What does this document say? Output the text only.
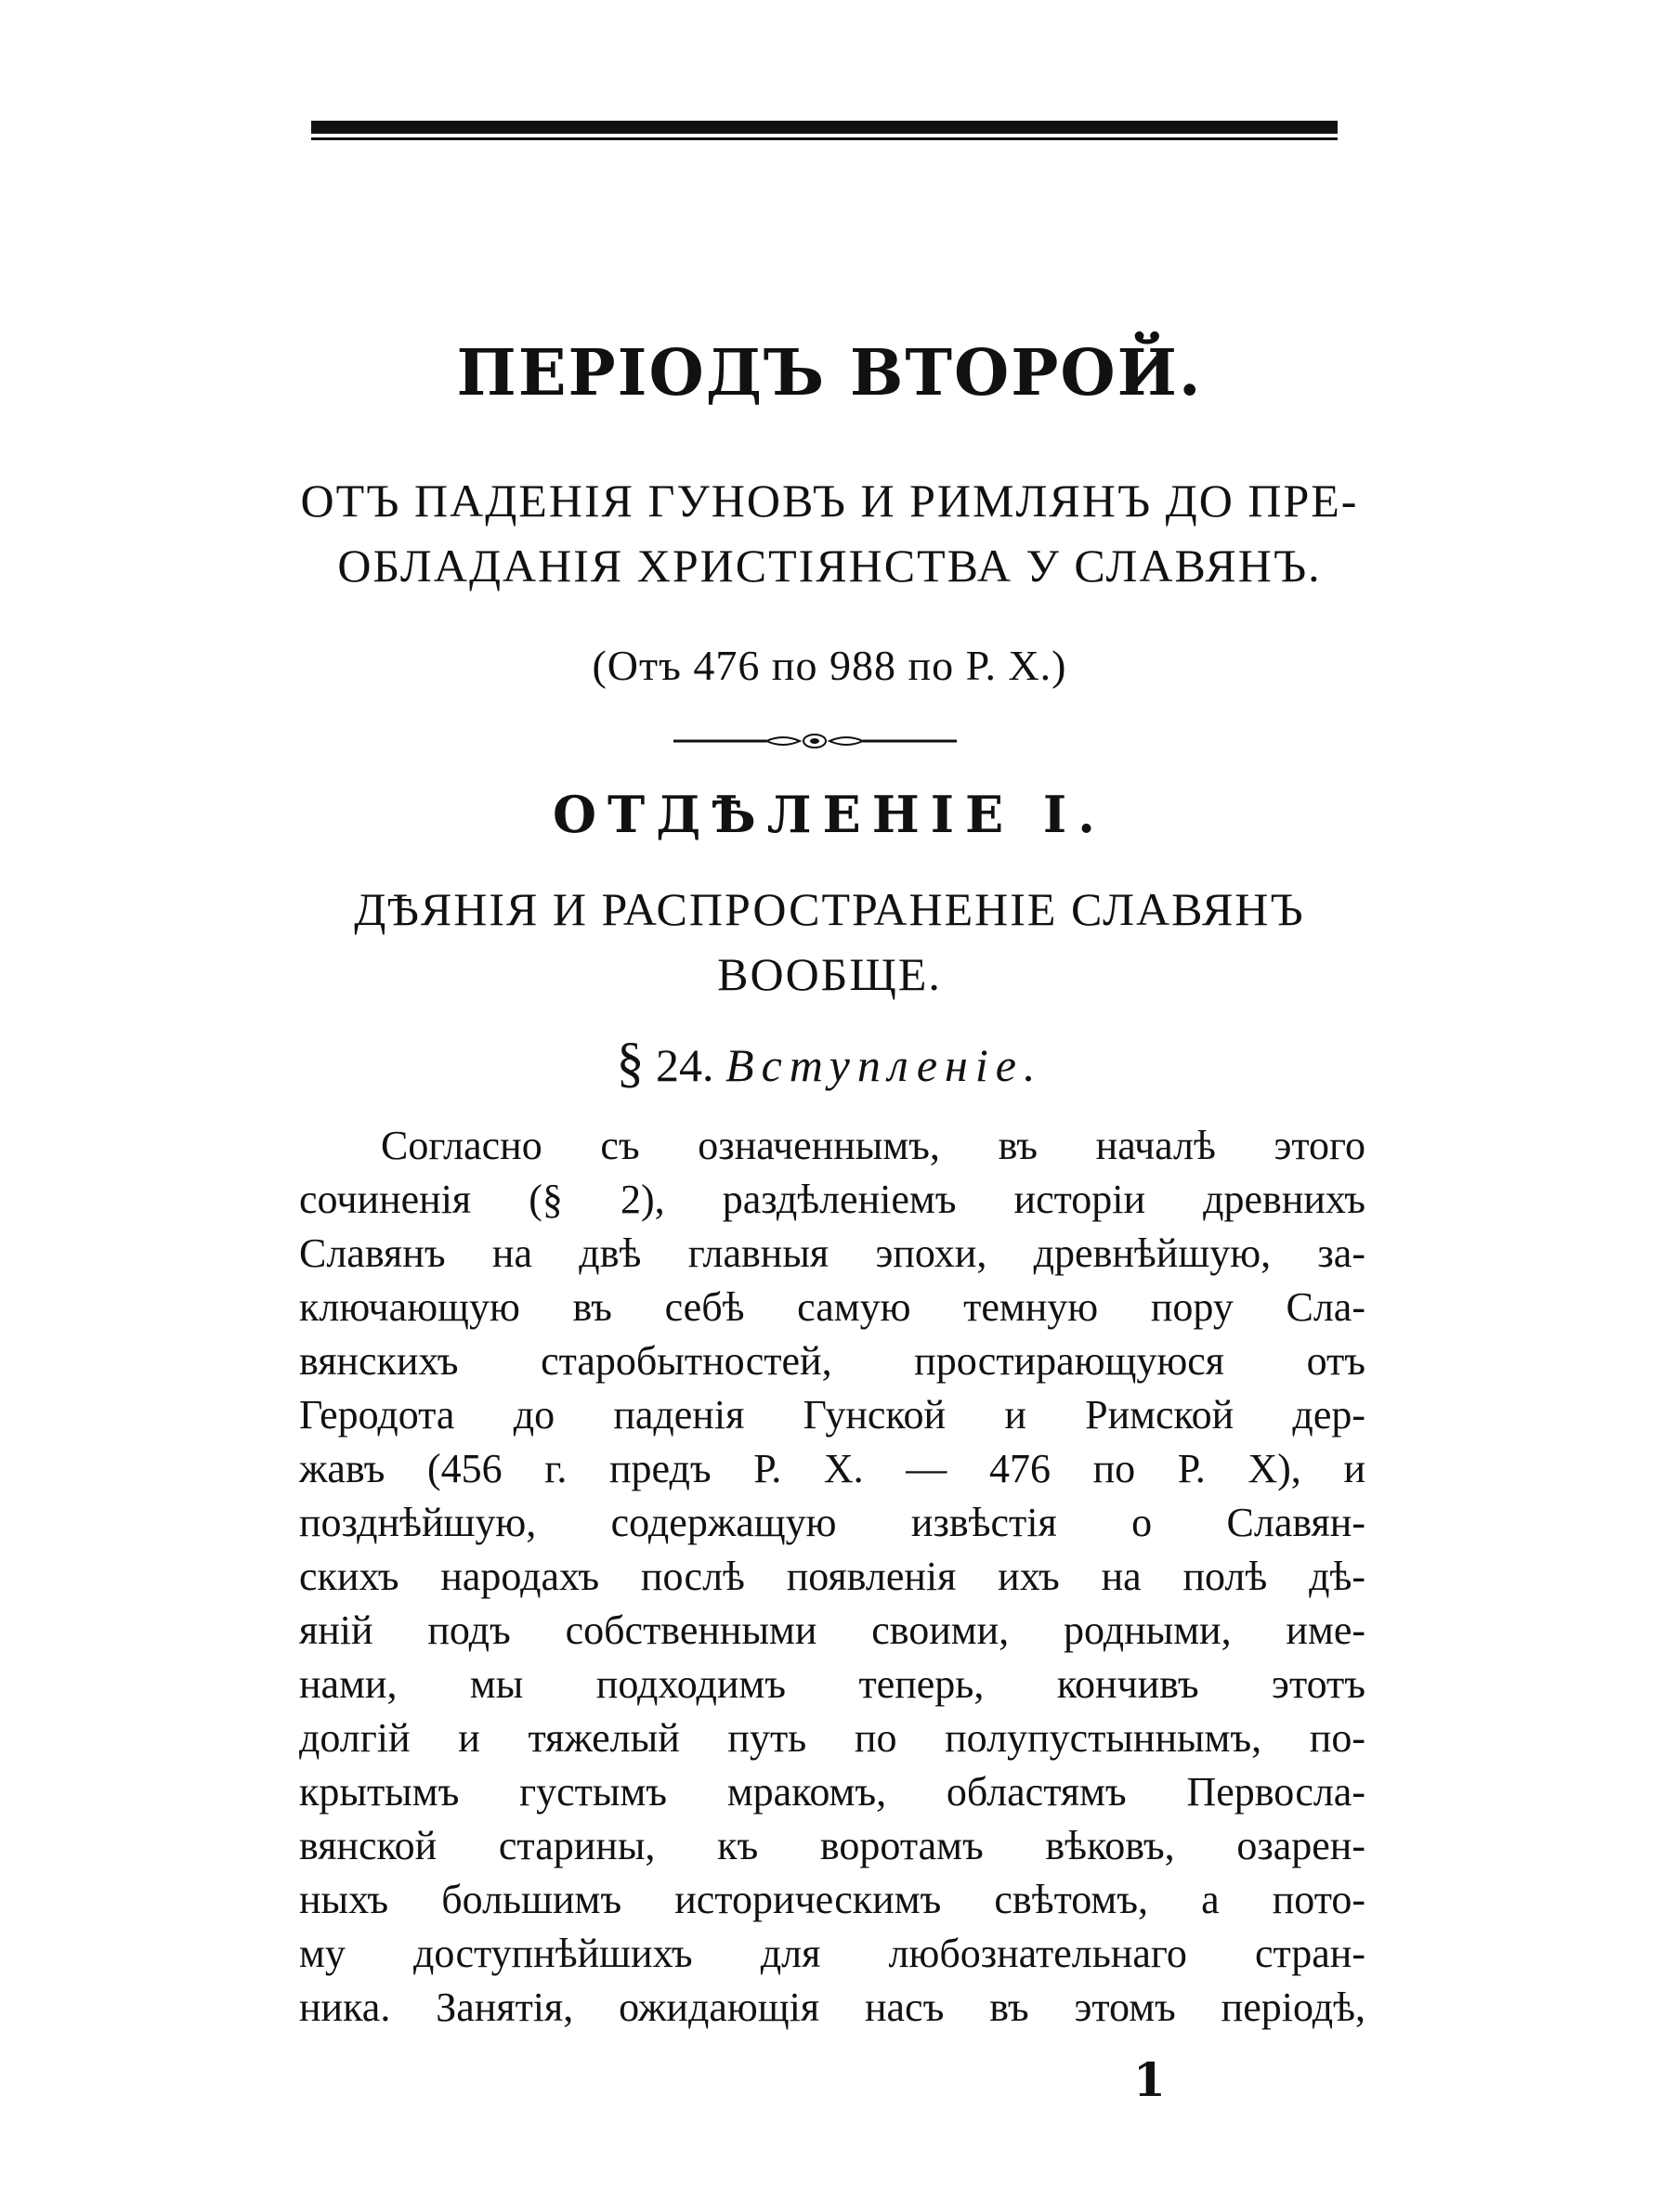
ПЕРІОДЪ ВТОРОЙ.
ОТЪ ПАДЕНІЯ ГУНОВЪ И РИМЛЯНЪ ДО ПРЕ-
ОБЛАДАНІЯ ХРИСТІЯНСТВА У СЛАВЯНЪ.
(Отъ 476 по 988 по Р. Х.)
ОТДѢЛЕНІЕ I.
ДѢЯНІЯ И РАСПРОСТРАНЕНІЕ СЛАВЯНЪ
ВООБЩЕ.
§ 24. Вступленіе.
Согласно съ означеннымъ, въ началѣ этого
сочиненія (§ 2), раздѣленіемъ исторіи древнихъ
Славянъ на двѣ главныя эпохи, древнѣйшую, за-
ключающую въ себѣ самую темную пору Сла-
вянскихъ старобытностей, простирающуюся отъ
Геродота до паденія Гунской и Римской дер-
жавъ (456 г. предъ Р. Х. — 476 по Р. Х), и
позднѣйшую, содержащую извѣстія о Славян-
скихъ народахъ послѣ появленія ихъ на полѣ дѣ-
яній подъ собственными своими, родными, име-
нами, мы подходимъ теперь, кончивъ этотъ
долгій и тяжелый путь по полупустыннымъ, по-
крытымъ густымъ мракомъ, областямъ Первосла-
вянской старины, къ воротамъ вѣковъ, озарен-
ныхъ большимъ историческимъ свѣтомъ, а пото-
му доступнѣйшихъ для любознательнаго стран-
ника. Занятія, ожидающія насъ въ этомъ періодѣ,
1
